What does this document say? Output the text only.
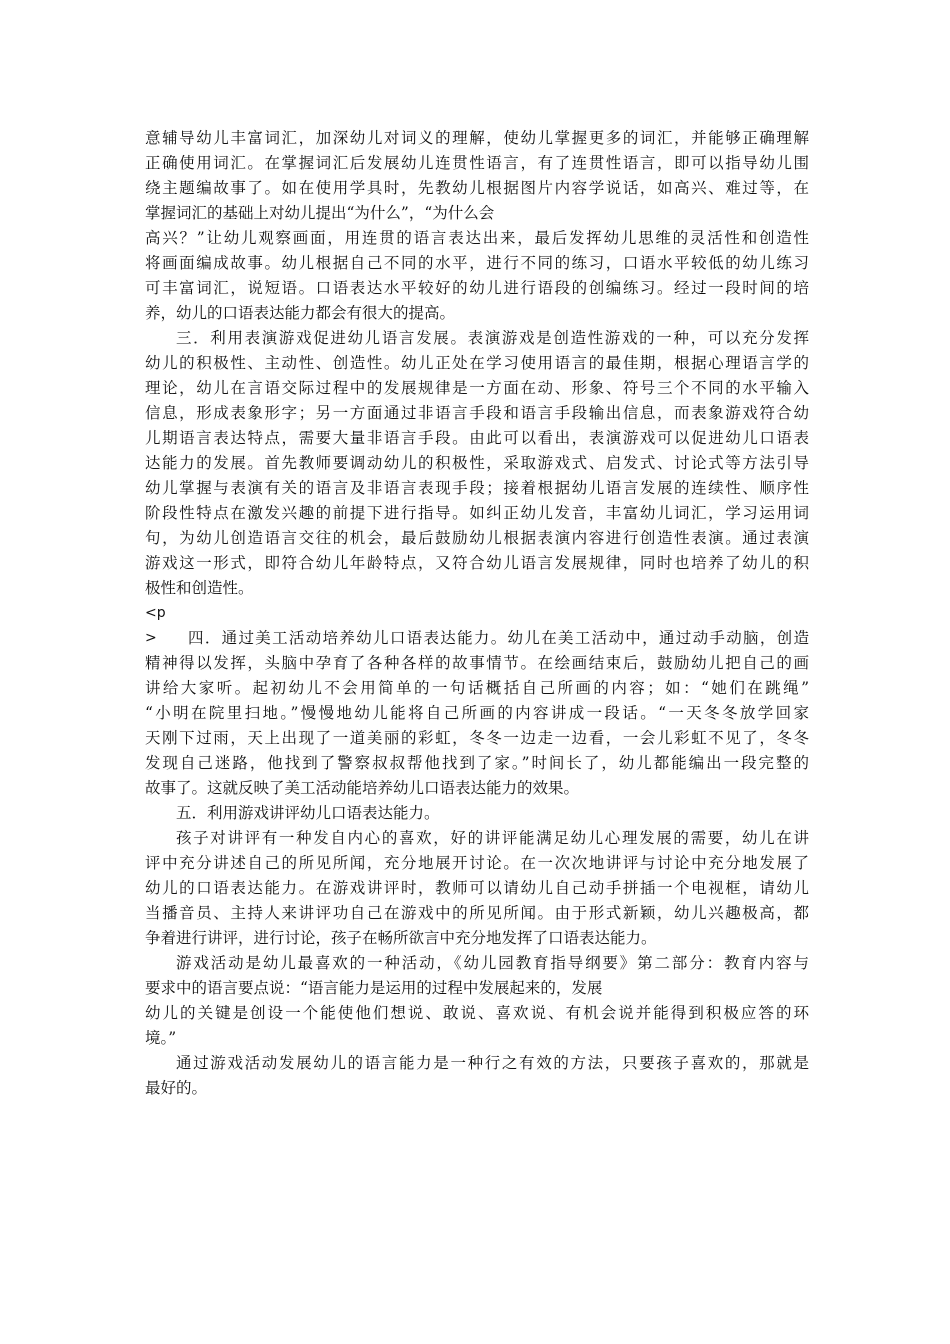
意辅导幼儿丰富词汇，加深幼儿对词义的理解，使幼儿掌握更多的词汇，并能够正确理解
正确使用词汇。在掌握词汇后发展幼儿连贯性语言，有了连贯性语言，即可以指导幼儿围
绕主题编故事了。如在使用学具时，先教幼儿根据图片内容学说话，如高兴、难过等，在
掌握词汇的基础上对幼儿提出“为什么”，“为什么会
高兴？”让幼儿观察画面，用连贯的语言表达出来，最后发挥幼儿思维的灵活性和创造性
将画面编成故事。幼儿根据自己不同的水平，进行不同的练习，口语水平较低的幼儿练习
可丰富词汇，说短语。口语表达水平较好的幼儿进行语段的创编练习。经过一段时间的培
养，幼儿的口语表达能力都会有很大的提高。
三．利用表演游戏促进幼儿语言发展。表演游戏是创造性游戏的一种，可以充分发挥
幼儿的积极性、主动性、创造性。幼儿正处在学习使用语言的最佳期，根据心理语言学的
理论，幼儿在言语交际过程中的发展规律是一方面在动、形象、符号三个不同的水平输入
信息，形成表象形字；另一方面通过非语言手段和语言手段输出信息，而表象游戏符合幼
儿期语言表达特点，需要大量非语言手段。由此可以看出，表演游戏可以促进幼儿口语表
达能力的发展。首先教师要调动幼儿的积极性，采取游戏式、启发式、讨论式等方法引导
幼儿掌握与表演有关的语言及非语言表现手段；接着根据幼儿语言发展的连续性、顺序性
阶段性特点在激发兴趣的前提下进行指导。如纠正幼儿发音，丰富幼儿词汇，学习运用词
句，为幼儿创造语言交往的机会，最后鼓励幼儿根据表演内容进行创造性表演。通过表演
游戏这一形式，即符合幼儿年龄特点，又符合幼儿语言发展规律，同时也培养了幼儿的积
极性和创造性。
<p
>	四．通过美工活动培养幼儿口语表达能力。幼儿在美工活动中，通过动手动脑，创造
精神得以发挥，头脑中孕育了各种各样的故事情节。在绘画结束后，鼓励幼儿把自己的画
讲给大家听。起初幼儿不会用简单的一句话概括自己所画的内容；如：“她们在跳绳”
“小明在院里扫地。”慢慢地幼儿能将自己所画的内容讲成一段话。“一天冬冬放学回家
天刚下过雨，天上出现了一道美丽的彩虹，冬冬一边走一边看，一会儿彩虹不见了，冬冬
发现自己迷路，他找到了警察叔叔帮他找到了家。”时间长了，幼儿都能编出一段完整的
故事了。这就反映了美工活动能培养幼儿口语表达能力的效果。
五．利用游戏讲评幼儿口语表达能力。
孩子对讲评有一种发自内心的喜欢，好的讲评能满足幼儿心理发展的需要，幼儿在讲
评中充分讲述自己的所见所闻，充分地展开讨论。在一次次地讲评与讨论中充分地发展了
幼儿的口语表达能力。在游戏讲评时，教师可以请幼儿自己动手拼插一个电视框，请幼儿
当播音员、主持人来讲评功自己在游戏中的所见所闻。由于形式新颖，幼儿兴趣极高，都
争着进行讲评，进行讨论，孩子在畅所欲言中充分地发挥了口语表达能力。
游戏活动是幼儿最喜欢的一种活动，《幼儿园教育指导纲要》第二部分：教育内容与
要求中的语言要点说：“语言能力是运用的过程中发展起来的，发展
幼儿的关键是创设一个能使他们想说、敢说、喜欢说、有机会说并能得到积极应答的环
境。”
通过游戏活动发展幼儿的语言能力是一种行之有效的方法，只要孩子喜欢的，那就是
最好的。
